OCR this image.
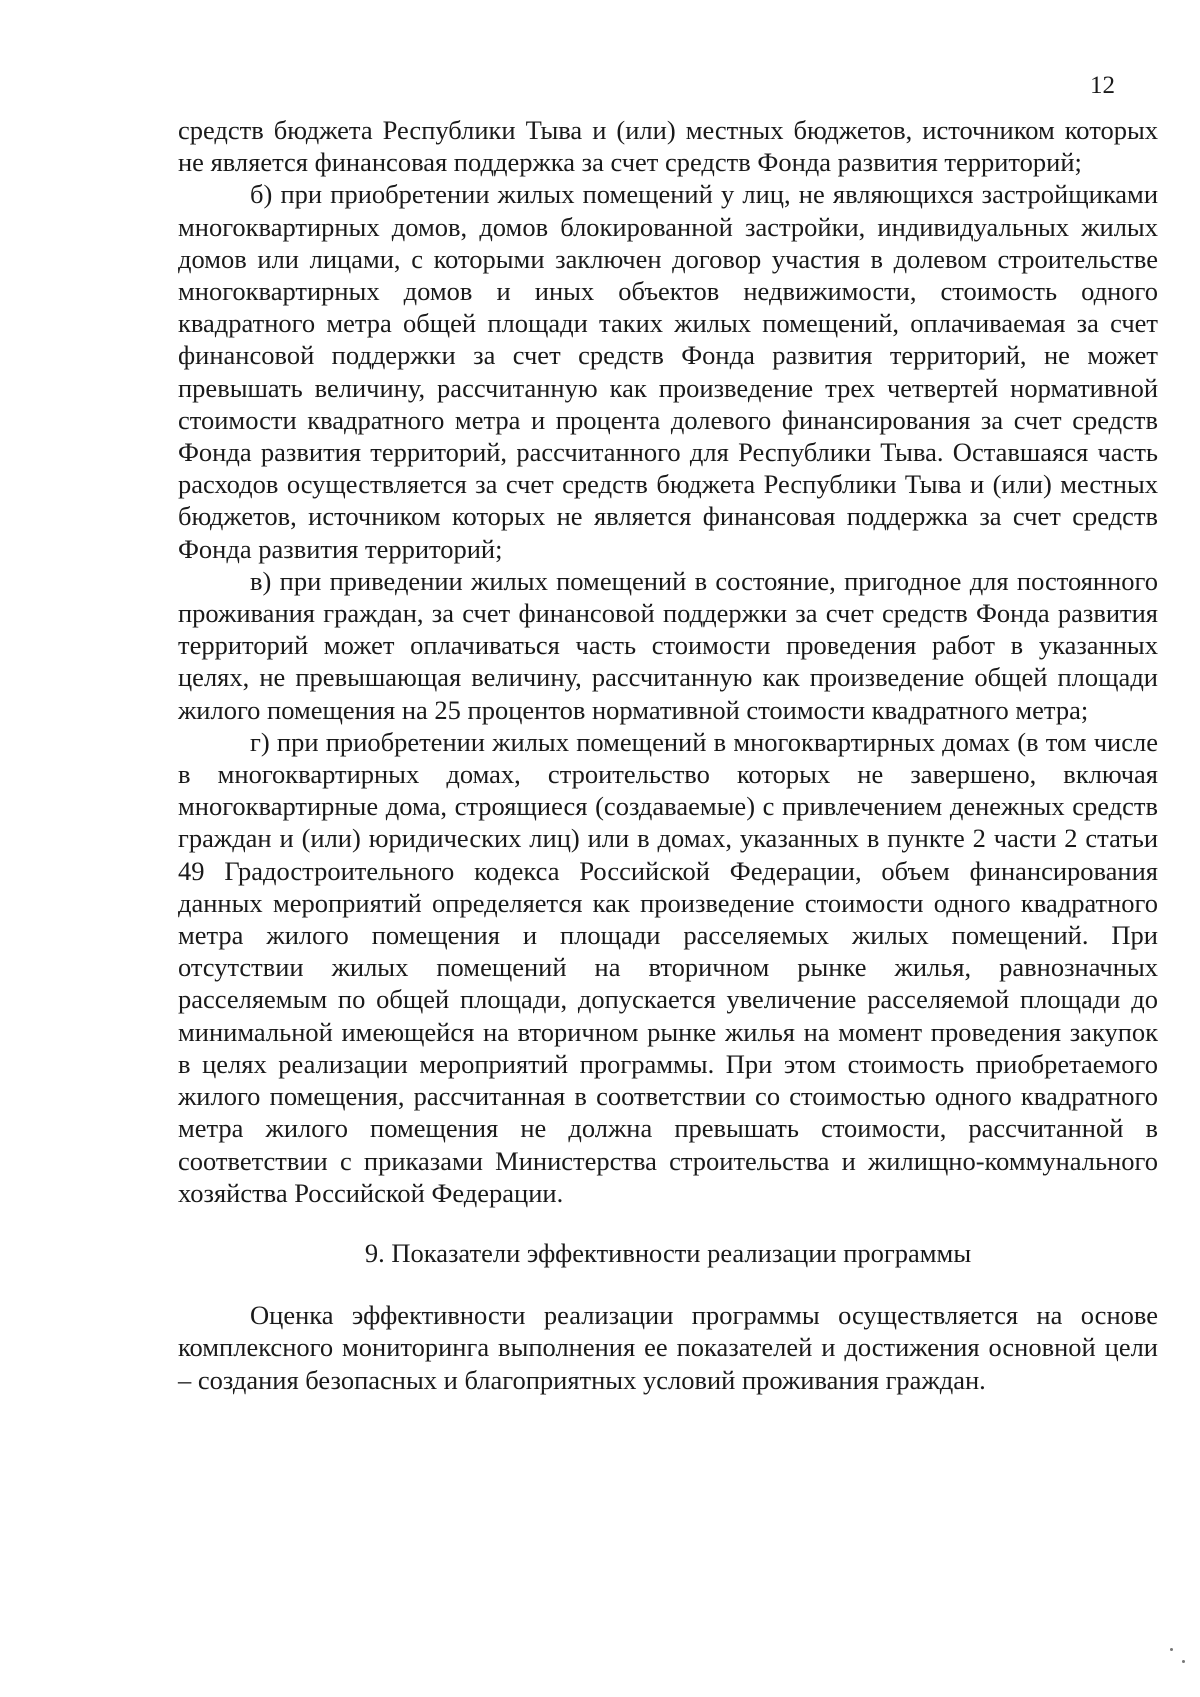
12

средств бюджета Республики Тыва и (или) местных бюджетов, источником которых не является финансовая поддержка за счет средств Фонда развития территорий;

б) при приобретении жилых помещений у лиц, не являющихся застройщиками многоквартирных домов, домов блокированной застройки, индивидуальных жилых домов или лицами, с которыми заключен договор участия в долевом строительстве многоквартирных домов и иных объектов недвижимости, стоимость одного квадратного метра общей площади таких жилых помещений, оплачиваемая за счет финансовой поддержки за счет средств Фонда развития территорий, не может превышать величину, рассчитанную как произведение трех четвертей нормативной стоимости квадратного метра и процента долевого финансирования за счет средств Фонда развития территорий, рассчитанного для Республики Тыва. Оставшаяся часть расходов осуществляется за счет средств бюджета Республики Тыва и (или) местных бюджетов, источником которых не является финансовая поддержка за счет средств Фонда развития территорий;

в) при приведении жилых помещений в состояние, пригодное для постоянного проживания граждан, за счет финансовой поддержки за счет средств Фонда развития территорий может оплачиваться часть стоимости проведения работ в указанных целях, не превышающая величину, рассчитанную как произведение общей площади жилого помещения на 25 процентов нормативной стоимости квадратного метра;

г) при приобретении жилых помещений в многоквартирных домах (в том числе в многоквартирных домах, строительство которых не завершено, включая многоквартирные дома, строящиеся (создаваемые) с привлечением денежных средств граждан и (или) юридических лиц) или в домах, указанных в пункте 2 части 2 статьи 49 Градостроительного кодекса Российской Федерации, объем финансирования данных мероприятий определяется как произведение стоимости одного квадратного метра жилого помещения и площади расселяемых жилых помещений. При отсутствии жилых помещений на вторичном рынке жилья, равнозначных расселяемым по общей площади, допускается увеличение расселяемой площади до минимальной имеющейся на вторичном рынке жилья на момент проведения закупок в целях реализации мероприятий программы. При этом стоимость приобретаемого жилого помещения, рассчитанная в соответствии со стоимостью одного квадратного метра жилого помещения не должна превышать стоимости, рассчитанной в соответствии с приказами Министерства строительства и жилищно-коммунального хозяйства Российской Федерации.

9. Показатели эффективности реализации программы

Оценка эффективности реализации программы осуществляется на основе комплексного мониторинга выполнения ее показателей и достижения основной цели – создания безопасных и благоприятных условий проживания граждан.
